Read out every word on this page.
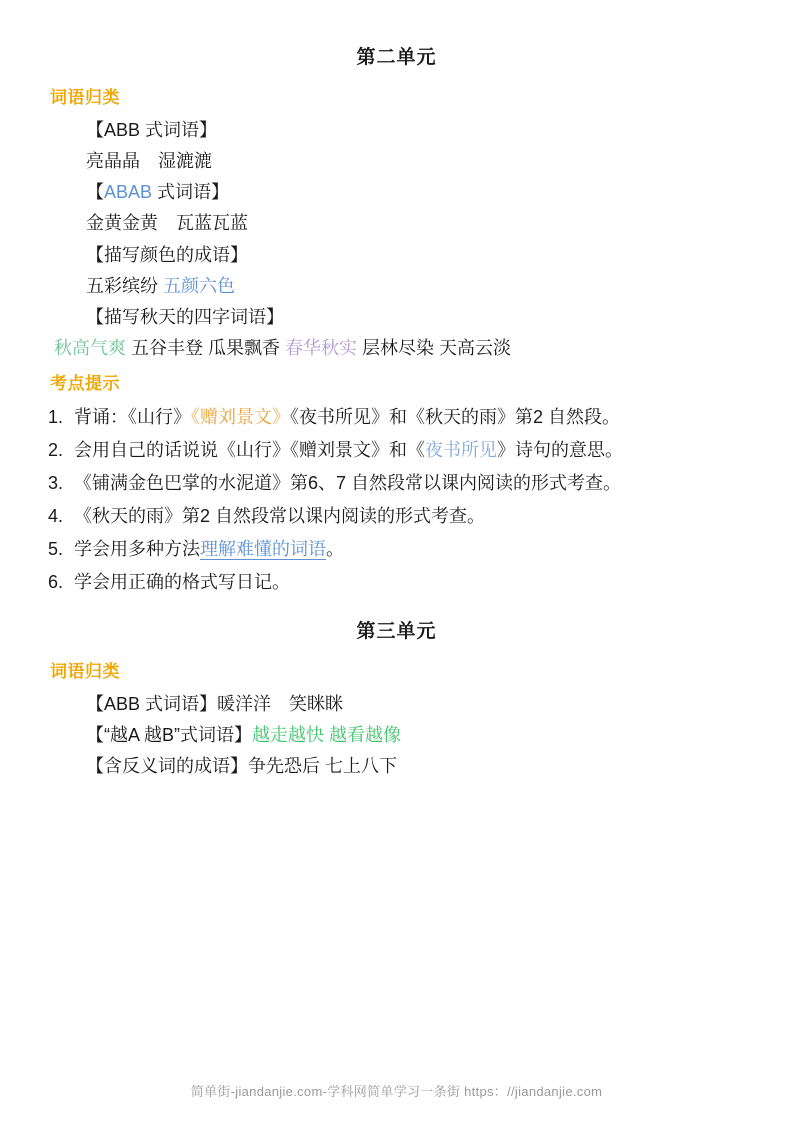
第二单元
词语归类
【ABB 式词语】
亮晶晶　湿漉漉
【ABAB 式词语】
金黄金黄　瓦蓝瓦蓝
【描写颜色的成语】
五彩缤纷 五颜六色
【描写秋天的四字词语】
秋高气爽 五谷丰登 瓜果飘香 春华秋实 层林尽染 天高云淡
考点提示
1. 背诵：《山行》《赠刘景文》《夜书所见》和《秋天的雨》第2 自然段。
2. 会用自己的话说说《山行》《赠刘景文》和《夜书所见》诗句的意思。
3. 《铺满金色巴掌的水泥道》第6、7 自然段常以课内阅读的形式考查。
4. 《秋天的雨》第2 自然段常以课内阅读的形式考查。
5. 学会用多种方法理解难懂的词语。
6. 学会用正确的格式写日记。
第三单元
词语归类
【ABB 式词语】暖洋洋　笑眯眯
【“越A 越B”式词语】越走越快 越看越像
【含反义词的成语】争先恐后 七上八下
简单街-jiandanjie.com-学科网简单学习一条街 https：//jiandanjie.com
